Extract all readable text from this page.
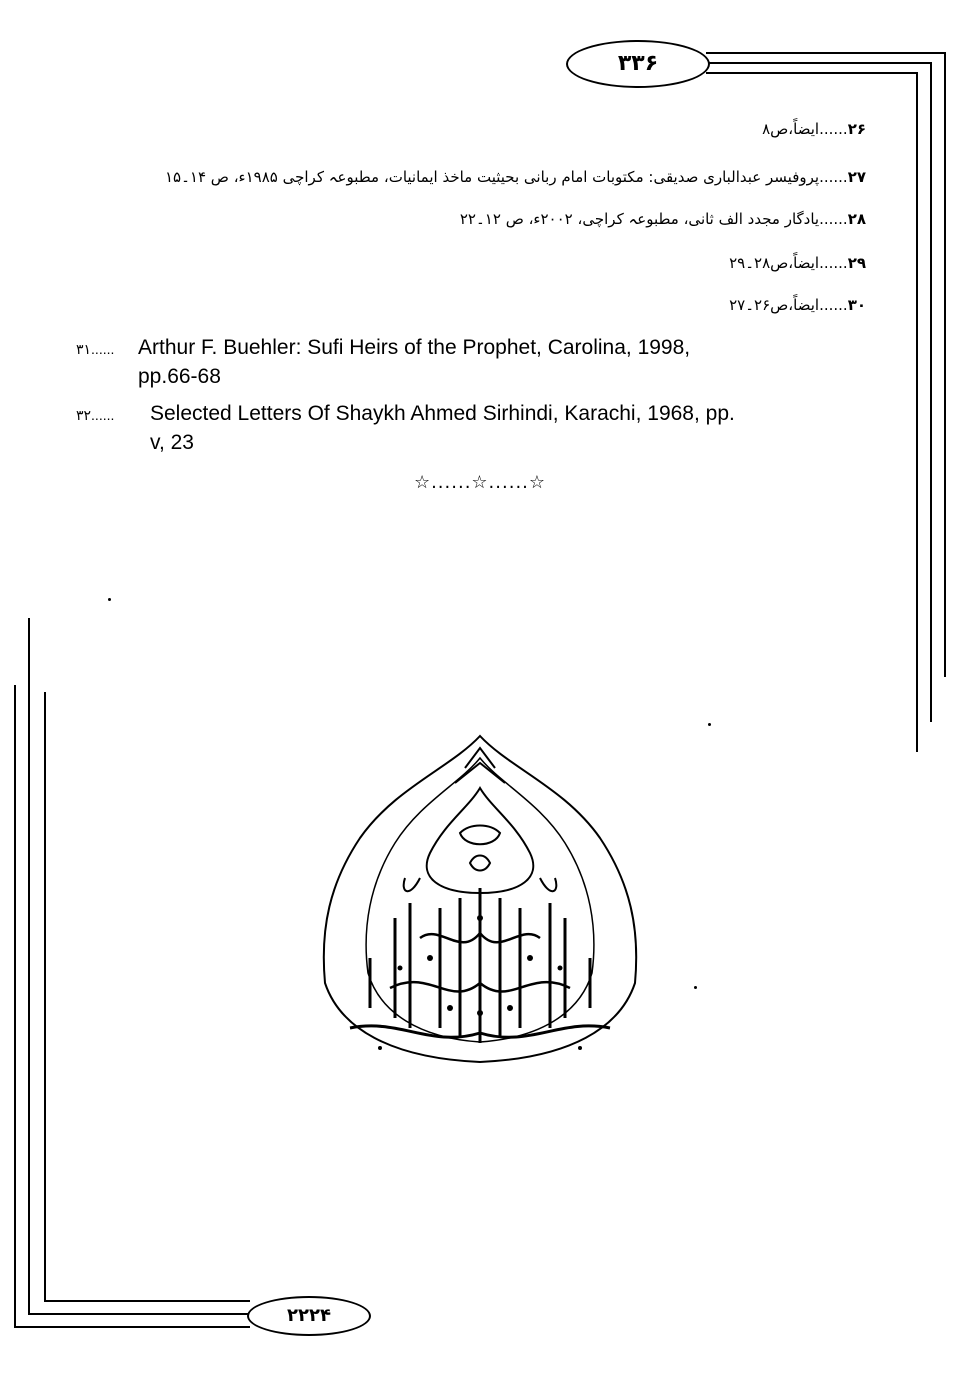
۳۳۶
۲۲۲۴
۲۶......ایضاً،ص۸
۲۷......پروفیسر عبدالباری صدیقی: مکتوبات امام ربانی بحیثیت ماخذ ایمانیات، مطبوعہ کراچی ۱۹۸۵ء، ص ۱۴۔۱۵
۲۸......یادگار مجدد الف ثانی، مطبوعہ کراچی، ۲۰۰۲ء، ص ۱۲۔۲۲
۲۹......ایضاً،ص۲۸۔۲۹
۳۰......ایضاً،ص۲۶۔۲۷
۳۱...... Arthur F. Buehler: Sufi Heirs of the Prophet, Carolina, 1998,
pp.66-68
۳۲...... Selected Letters Of Shaykh Ahmed Sirhindi, Karachi, 1968, pp.
v, 23
☆......☆......☆
